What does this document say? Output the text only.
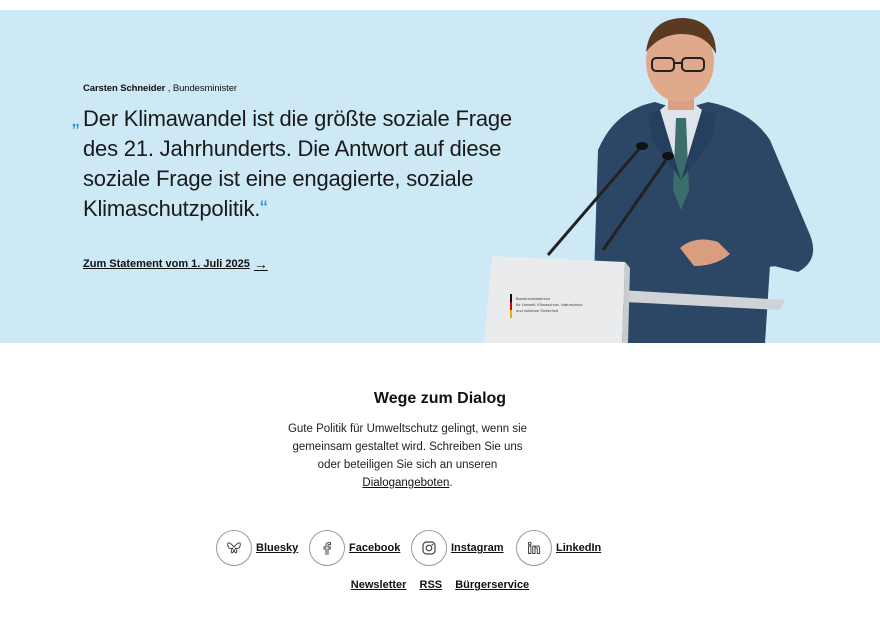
Carsten Schneider , Bundesminister
„ Der Klimawandel ist die größte soziale Frage des 21. Jahrhunderts. Die Antwort auf diese soziale Frage ist eine engagierte, soziale Klimaschutzpolitik.“
Zum Statement vom 1. Juli 2025 →
Bundesministerium
für Umwelt, Klimaschutz, Naturschutz
und nukleare Sicherheit
Wege zum Dialog

Gute Politik für Umweltschutz gelingt, wenn sie gemeinsam gestaltet wird. Schreiben Sie uns oder beteiligen Sie sich an unseren Dialogangeboten.

Bluesky	Facebook	Instagram	LinkedIn
Newsletter RSS Bürgerservice
